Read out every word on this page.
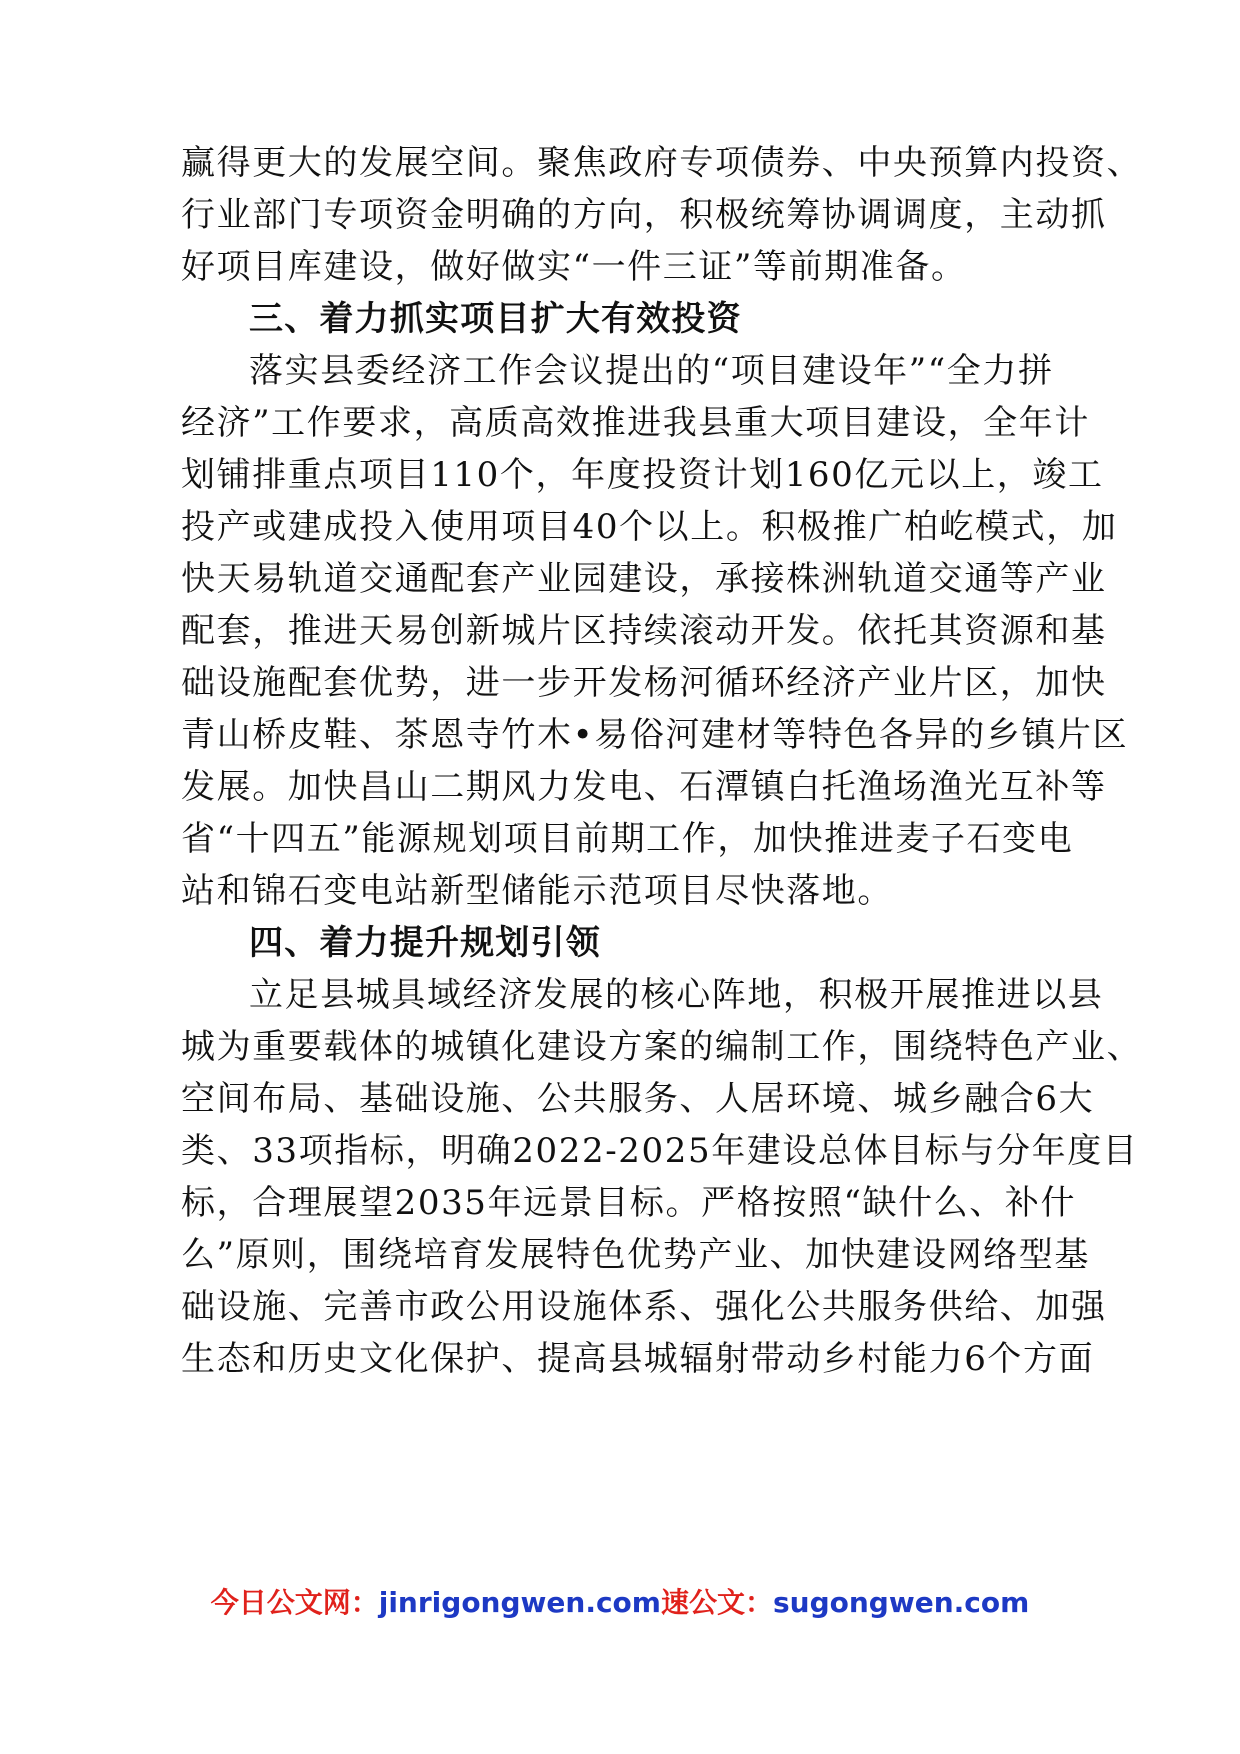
赢得更大的发展空间。聚焦政府专项债券、中央预算内投资、
行业部门专项资金明确的方向，积极统筹协调调度，主动抓
好项目库建设，做好做实“一件三证”等前期准备。
三、着力抓实项目扩大有效投资
落实县委经济工作会议提出的“项目建设年”“全力拼
经济”工作要求，高质高效推进我县重大项目建设，全年计
划铺排重点项目110个，年度投资计划160亿元以上，竣工
投产或建成投入使用项目40个以上。积极推广柏屹模式，加
快天易轨道交通配套产业园建设，承接株洲轨道交通等产业
配套，推进天易创新城片区持续滚动开发。依托其资源和基
础设施配套优势，进一步开发杨河循环经济产业片区，加快
青山桥皮鞋、茶恩寺竹木•易俗河建材等特色各异的乡镇片区
发展。加快昌山二期风力发电、石潭镇白托渔场渔光互补等
省“十四五”能源规划项目前期工作，加快推进麦子石变电
站和锦石变电站新型储能示范项目尽快落地。
四、着力提升规划引领
立足县城具域经济发展的核心阵地，积极开展推进以县
城为重要载体的城镇化建设方案的编制工作，围绕特色产业、
空间布局、基础设施、公共服务、人居环境、城乡融合6大
类、33项指标，明确2022-2025年建设总体目标与分年度目
标，合理展望2035年远景目标。严格按照“缺什么、补什
么”原则，围绕培育发展特色优势产业、加快建设网络型基
础设施、完善市政公用设施体系、强化公共服务供给、加强
生态和历史文化保护、提高县城辐射带动乡村能力6个方面
今日公文网：jinrigongwen.com速公文：sugongwen.com
